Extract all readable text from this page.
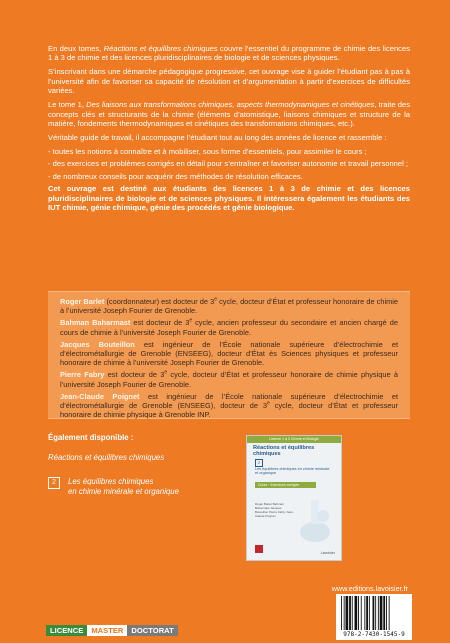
En deux tomes, Réactions et équilibres chimiques couvre l’essentiel du programme de chimie des licences 1 à 3 de chimie et des licences pluridisciplinaires de biologie et de sciences physiques.

S’inscrivant dans une démarche pédagogique progressive, cet ouvrage vise à guider l’étudiant pas à pas à l’université afin de favoriser sa capacité de résolution et d’argumentation à partir d’exercices de difficultés variées.

Le tome 1, Des liaisons aux transformations chimiques, aspects thermodynamiques et cinétiques, traite des concepts clés et structurants de la chimie (éléments d’atomistique, liaisons chimiques et structure de la matière, fondements thermodynamiques et cinétiques des transformations chimiques, etc.).

Véritable guide de travail, il accompagne l’étudiant tout au long des années de licence et rassemble :

- toutes les notions à connaître et à mobiliser, sous forme d’essentiels, pour assimiler le cours ;

- des exercices et problèmes corrigés en détail pour s’entraîner et favoriser autonomie et travail personnel ;

- de nombreux conseils pour acquérir des méthodes de résolution efficaces.

Cet ouvrage est destiné aux étudiants des licences 1 à 3 de chimie et des licences pluridisciplinaires de biologie et de sciences physiques. Il intéressera également les étudiants des IUT chimie, génie chimique, génie des procédés et génie biologique.

Roger Barlet (coordonnateur) est docteur de 3e cycle, docteur d’État et professeur honoraire de chimie à l’université Joseph Fourier de Grenoble.
Bahman Baharmast est docteur de 3e cycle, ancien professeur du secondaire et ancien chargé de cours de chimie à l’université Joseph Fourier de Grenoble.
Jacques Bouteillon est ingénieur de l’École nationale supérieure d’électrochimie et d’électrométallurgie de Grenoble (ENSEEG), docteur d’État ès Sciences physiques et professeur honoraire de chimie à l’université Joseph Fourier de Grenoble.
Pierre Fabry est docteur de 3e cycle, docteur d’État et professeur honoraire de chimie physique à l’université Joseph Fourier de Grenoble.
Jean-Claude Poignet est ingénieur de l’École nationale supérieure d’électrochimie et d’électrométallurgie de Grenoble (ENSEEG), docteur de 3e cycle, docteur d’État et professeur honoraire de chimie physique à Grenoble INP.
Également disponible :
Réactions et équilibres chimiques
2	Les équilibres chimiques
en chimie minérale et organique
Licence 1 à 3 Chimie et Biologie
Réactions et équilibres chimiques
2
Les équilibres chimiques en chimie minérale et organique
Cours · Exercices corrigés
Roger Barlet Bahman Baharmast Jacques Bouteillon Pierre Fabry Jean-Claude Poignet
Lavoisier
www.editions.lavoisier.fr
978-2-7430-1545-9
LICENCE	MASTER	DOCTORAT
